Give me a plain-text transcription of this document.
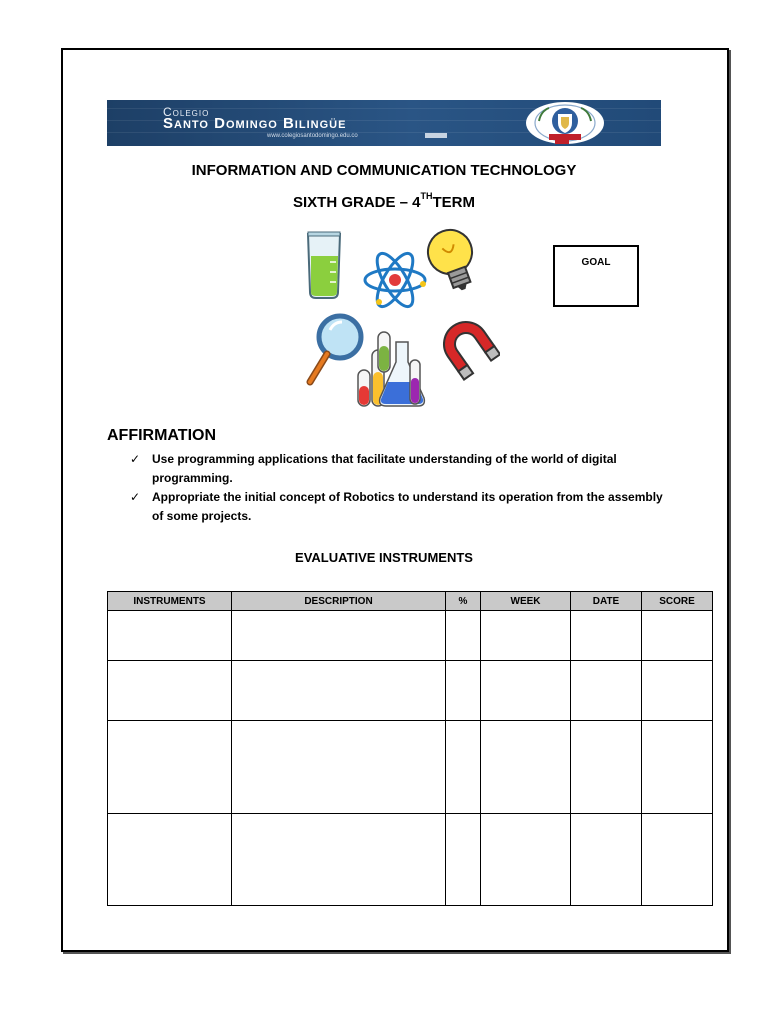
Colegio
Santo Domingo Bilingüe
www.colegiosantodomingo.edu.co
INFORMATION AND COMMUNICATION TECHNOLOGY
SIXTH GRADE – 4THTERM
GOAL
AFFIRMATION
✓ Use programming applications that facilitate understanding of the world of digital programming.
✓ Appropriate the initial concept of Robotics to understand its operation from the assembly of some projects.
EVALUATIVE INSTRUMENTS
INSTRUMENTS	DESCRIPTION	%	WEEK	DATE	SCORE
